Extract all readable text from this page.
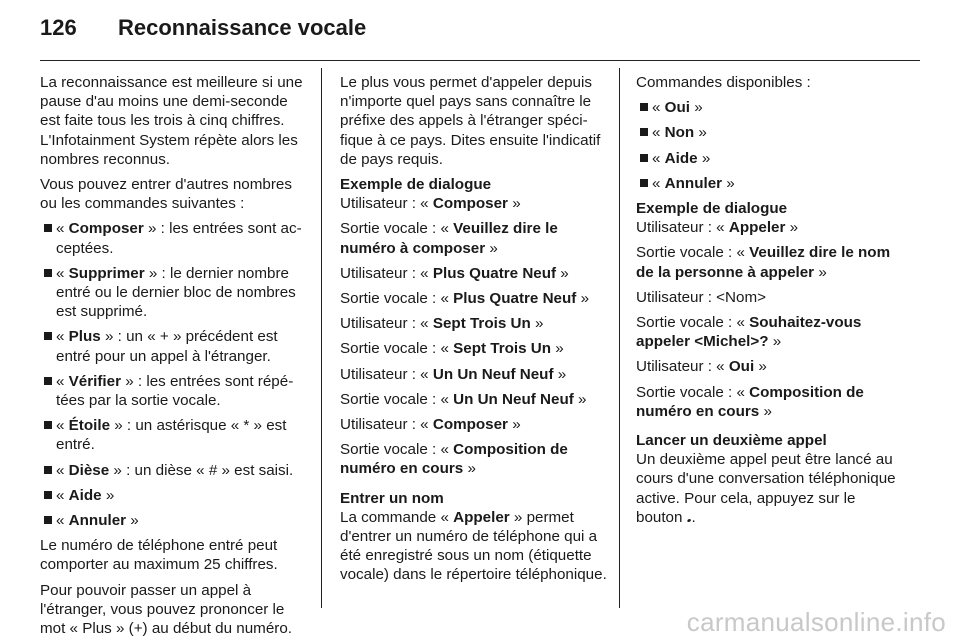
126 Reconnaissance vocale

La reconnaissance est meilleure si une pause d'au moins une demi-seconde est faite tous les trois à cinq chiffres. L'Infotainment System répète alors les nombres reconnus.

Vous pouvez entrer d'autres nombres ou les commandes suivantes :

« Composer » : les entrées sont acceptées.
« Supprimer » : le dernier nombre entré ou le dernier bloc de nombres est supprimé.
« Plus » : un « + » précédent est entré pour un appel à l'étranger.
« Vérifier » : les entrées sont répétées par la sortie vocale.
« Étoile » : un astérisque « * » est entré.
« Dièse » : un dièse « # » est saisi.
« Aide »
« Annuler »

Le numéro de téléphone entré peut comporter au maximum 25 chiffres.

Pour pouvoir passer un appel à l'étranger, vous pouvez prononcer le mot « Plus » (+) au début du numéro.

Le plus vous permet d'appeler depuis n'importe quel pays sans connaître le préfixe des appels à l'étranger spécifique à ce pays. Dites ensuite l'indicatif de pays requis.

Exemple de dialogue

Utilisateur : « Composer »

Sortie vocale : « Veuillez dire le numéro à composer »

Utilisateur : « Plus Quatre Neuf »

Sortie vocale : « Plus Quatre Neuf »

Utilisateur : « Sept Trois Un »

Sortie vocale : « Sept Trois Un »

Utilisateur : « Un Un Neuf Neuf »

Sortie vocale : « Un Un Neuf Neuf »

Utilisateur : « Composer »

Sortie vocale : « Composition de numéro en cours »

Entrer un nom

La commande « Appeler » permet d'entrer un numéro de téléphone qui a été enregistré sous un nom (étiquette vocale) dans le répertoire téléphonique.

Commandes disponibles :

« Oui »
« Non »
« Aide »
« Annuler »
Exemple de dialogue

Utilisateur : « Appeler »

Sortie vocale : « Veuillez dire le nom de la personne à appeler »

Utilisateur : <Nom>

Sortie vocale : « Souhaitez-vous appeler <Michel>? »

Utilisateur : « Oui »

Sortie vocale : « Composition de numéro en cours »

Lancer un deuxième appel

Un deuxième appel peut être lancé au cours d'une conversation téléphonique active. Pour cela, appuyez sur le bouton 𝅘.

carmanualsonline.info
